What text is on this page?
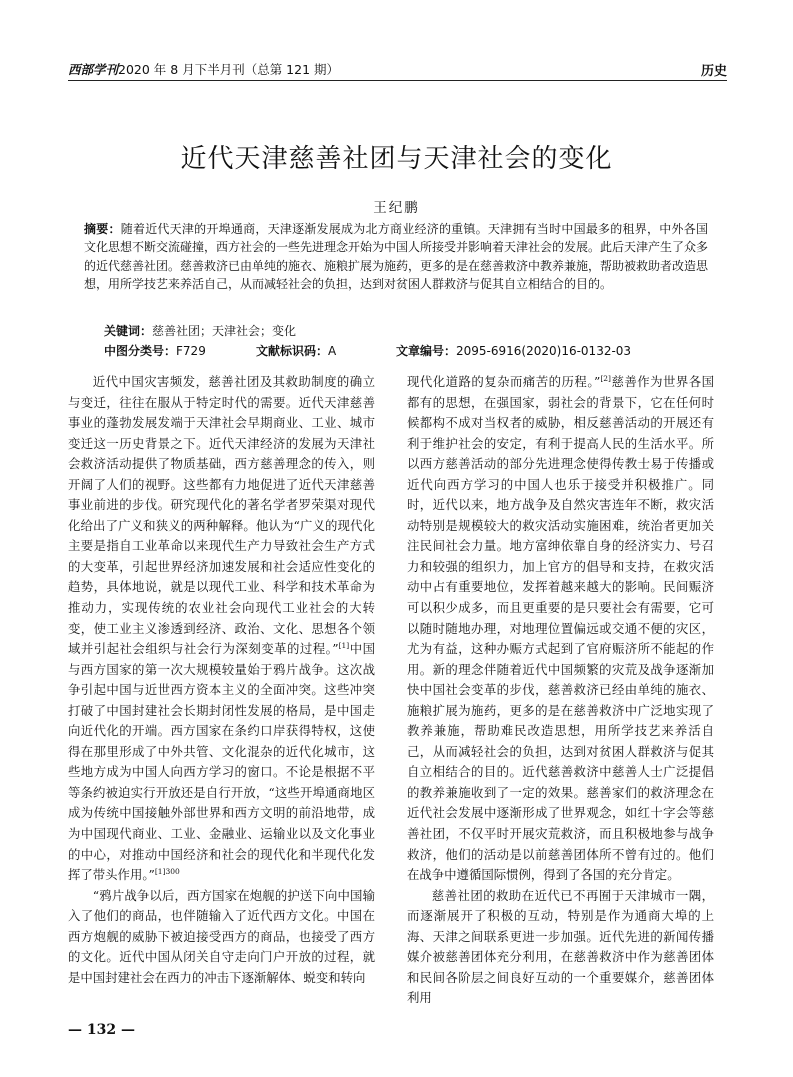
西部学刊2020 年 8 月下半月刊（总第 121 期）	历史
近代天津慈善社团与天津社会的变化
王纪鹏
摘要：随着近代天津的开埠通商，天津逐渐发展成为北方商业经济的重镇。天津拥有当时中国最多的租界，中外各国文化思想不断交流碰撞，西方社会的一些先进理念开始为中国人所接受并影响着天津社会的发展。此后天津产生了众多的近代慈善社团。慈善救济已由单纯的施衣、施粮扩展为施药，更多的是在慈善救济中教养兼施，帮助被救助者改造思想，用所学技艺来养活自己，从而减轻社会的负担，达到对贫困人群救济与促其自立相结合的目的。
关键词：慈善社团；天津社会；变化
中图分类号：F729	文献标识码：A	文章编号：2095-6916(2020)16-0132-03

近代中国灾害频发，慈善社团及其救助制度的确立与变迁，往往在服从于特定时代的需要。近代天津慈善事业的蓬勃发展发端于天津社会早期商业、工业、城市变迁这一历史背景之下。近代天津经济的发展为天津社会救济活动提供了物质基础，西方慈善理念的传入，则开阔了人们的视野。这些都有力地促进了近代天津慈善事业前进的步伐。研究现代化的著名学者罗荣渠对现代化给出了广义和狭义的两种解释。他认为“广义的现代化主要是指自工业革命以来现代生产力导致社会生产方式的大变革，引起世界经济加速发展和社会适应性变化的趋势，具体地说，就是以现代工业、科学和技术革命为推动力，实现传统的农业社会向现代工业社会的大转变，使工业主义渗透到经济、政治、文化、思想各个领域并引起社会组织与社会行为深刻变革的过程。”[1]中国与西方国家的第一次大规模较量始于鸦片战争。这次战争引起中国与近世西方资本主义的全面冲突。这些冲突打破了中国封建社会长期封闭性发展的格局，是中国走向近代化的开端。西方国家在条约口岸获得特权，这使得在那里形成了中外共管、文化混杂的近代化城市，这些地方成为中国人向西方学习的窗口。不论是根据不平等条约被迫实行开放还是自行开放，“这些开埠通商地区成为传统中国接触外部世界和西方文明的前沿地带，成为中国现代商业、工业、金融业、运输业以及文化事业的中心，对推动中国经济和社会的现代化和半现代化发挥了带头作用。”$^{[1]300}$

“鸦片战争以后，西方国家在炮舰的护送下向中国输入了他们的商品，也伴随输入了近代西方文化。中国在西方炮舰的威胁下被迫接受西方的商品，也接受了西方的文化。近代中国从闭关自守走向门户开放的过程，就是中国封建社会在西力的冲击下逐渐解体、蜕变和转向

现代化道路的复杂而痛苦的历程。”[2]慈善作为世界各国都有的思想，在强国家，弱社会的背景下，它在任何时候都构不成对当权者的威胁，相反慈善活动的开展还有利于维护社会的安定，有利于提高人民的生活水平。所以西方慈善活动的部分先进理念使得传教士易于传播或近代向西方学习的中国人也乐于接受并积极推广。同时，近代以来，地方战争及自然灾害连年不断，救灾活动特别是规模较大的救灾活动实施困难，统治者更加关注民间社会力量。地方富绅依靠自身的经济实力、号召力和较强的组织力，加上官方的倡导和支持，在救灾活动中占有重要地位，发挥着越来越大的影响。民间赈济可以积少成多，而且更重要的是只要社会有需要，它可以随时随地办理，对地理位置偏远或交通不便的灾区，尤为有益，这种办赈方式起到了官府赈济所不能起的作用。新的理念伴随着近代中国频繁的灾荒及战争逐渐加快中国社会变革的步伐，慈善救济已经由单纯的施衣、施粮扩展为施药，更多的是在慈善救济中广泛地实现了教养兼施，帮助难民改造思想，用所学技艺来养活自己，从而减轻社会的负担，达到对贫困人群救济与促其自立相结合的目的。近代慈善救济中慈善人士广泛提倡的教养兼施收到了一定的效果。慈善家们的救济理念在近代社会发展中逐渐形成了世界观念，如红十字会等慈善社团，不仅平时开展灾荒救济，而且积极地参与战争救济，他们的活动是以前慈善团体所不曾有过的。他们在战争中遵循国际惯例，得到了各国的充分肯定。

慈善社团的救助在近代已不再囿于天津城市一隅，而逐渐展开了积极的互动，特别是作为通商大埠的上海、天津之间联系更进一步加强。近代先进的新闻传播媒介被慈善团体充分利用，在慈善救济中作为慈善团体和民间各阶层之间良好互动的一个重要媒介，慈善团体利用

— 132 —
